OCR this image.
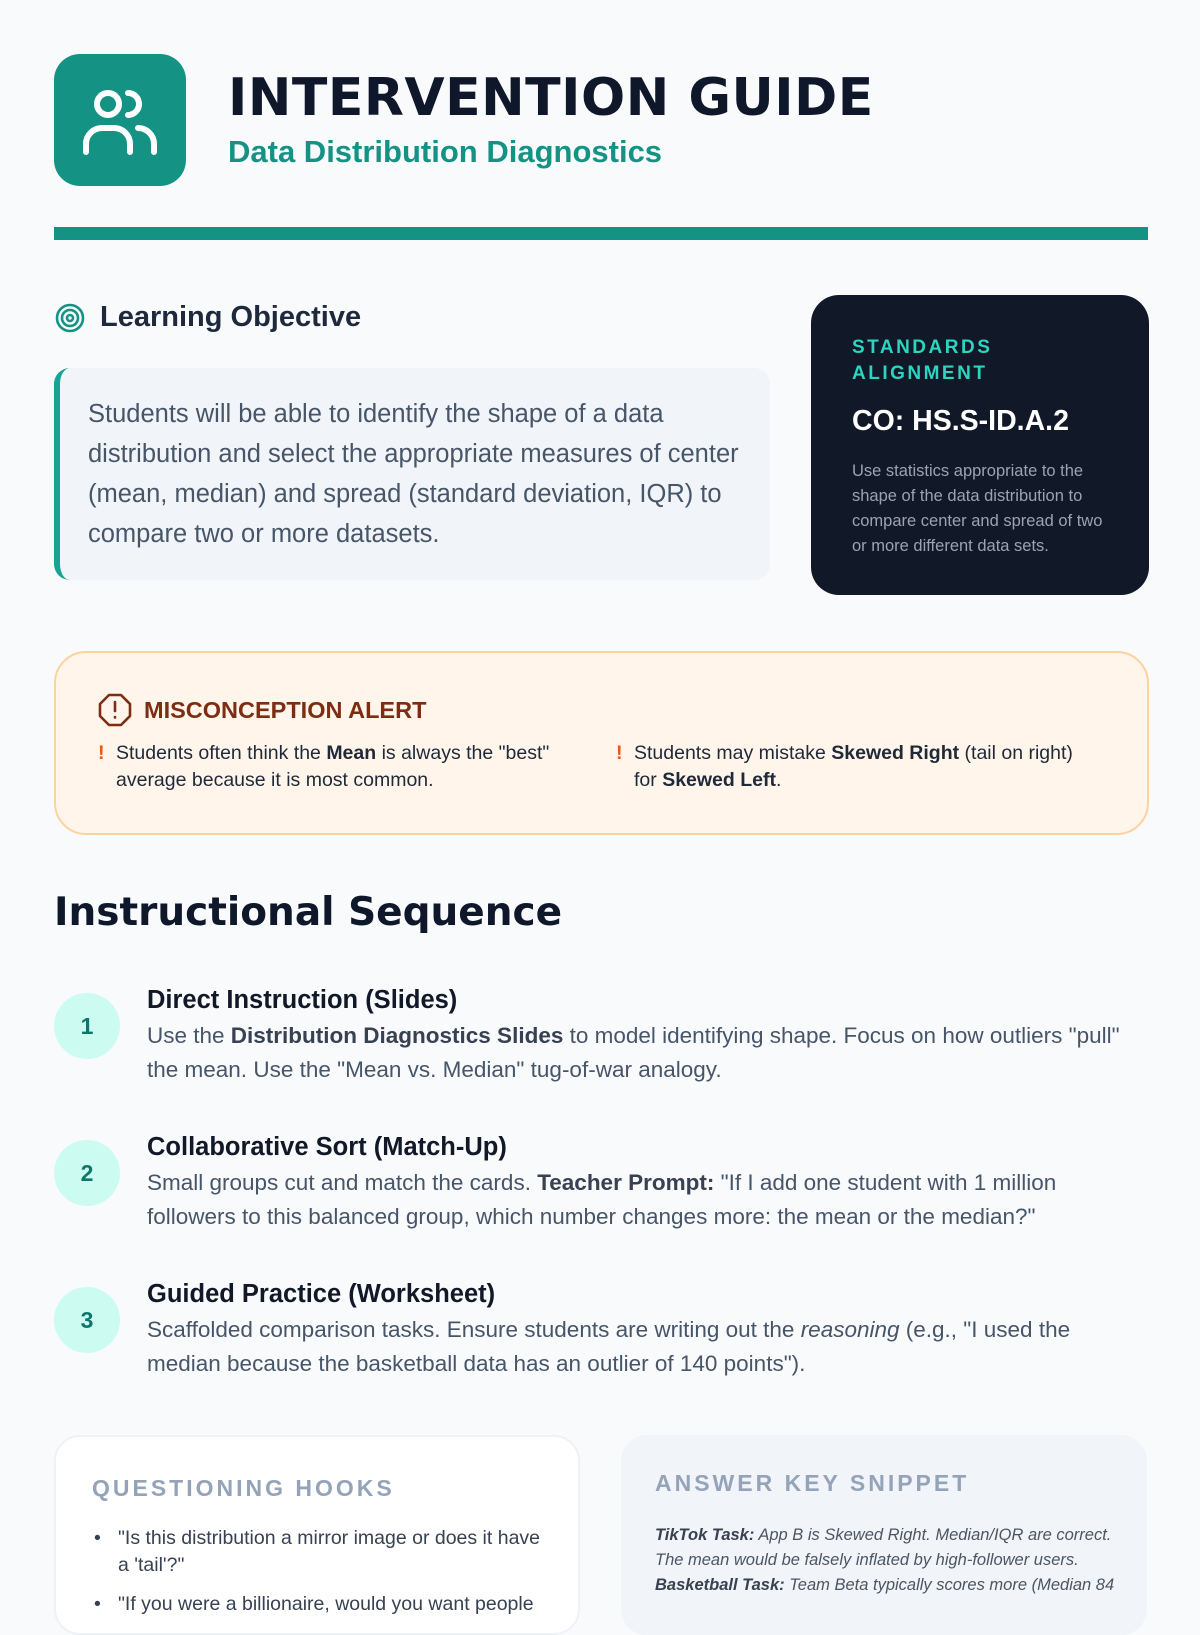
INTERVENTION GUIDE
Data Distribution Diagnostics
Learning Objective
Students will be able to identify the shape of a data distribution and select the appropriate measures of center (mean, median) and spread (standard deviation, IQR) to compare two or more datasets.
STANDARDS ALIGNMENT
CO: HS.S-ID.A.2
Use statistics appropriate to the shape of the data distribution to compare center and spread of two or more different data sets.
MISCONCEPTION ALERT
! Students often think the Mean is always the "best" average because it is most common.
! Students may mistake Skewed Right (tail on right) for Skewed Left.
Instructional Sequence
1
Direct Instruction (Slides)
Use the Distribution Diagnostics Slides to model identifying shape. Focus on how outliers "pull" the mean. Use the "Mean vs. Median" tug-of-war analogy.
2
Collaborative Sort (Match-Up)
Small groups cut and match the cards. Teacher Prompt: "If I add one student with 1 million followers to this balanced group, which number changes more: the mean or the median?"
3
Guided Practice (Worksheet)
Scaffolded comparison tasks. Ensure students are writing out the reasoning (e.g., "I used the median because the basketball data has an outlier of 140 points").
QUESTIONING HOOKS
• "Is this distribution a mirror image or does it have a 'tail'?"
• "If you were a billionaire, would you want people
ANSWER KEY SNIPPET
TikTok Task: App B is Skewed Right. Median/IQR are correct. The mean would be falsely inflated by high-follower users.
Basketball Task: Team Beta typically scores more (Median 84
